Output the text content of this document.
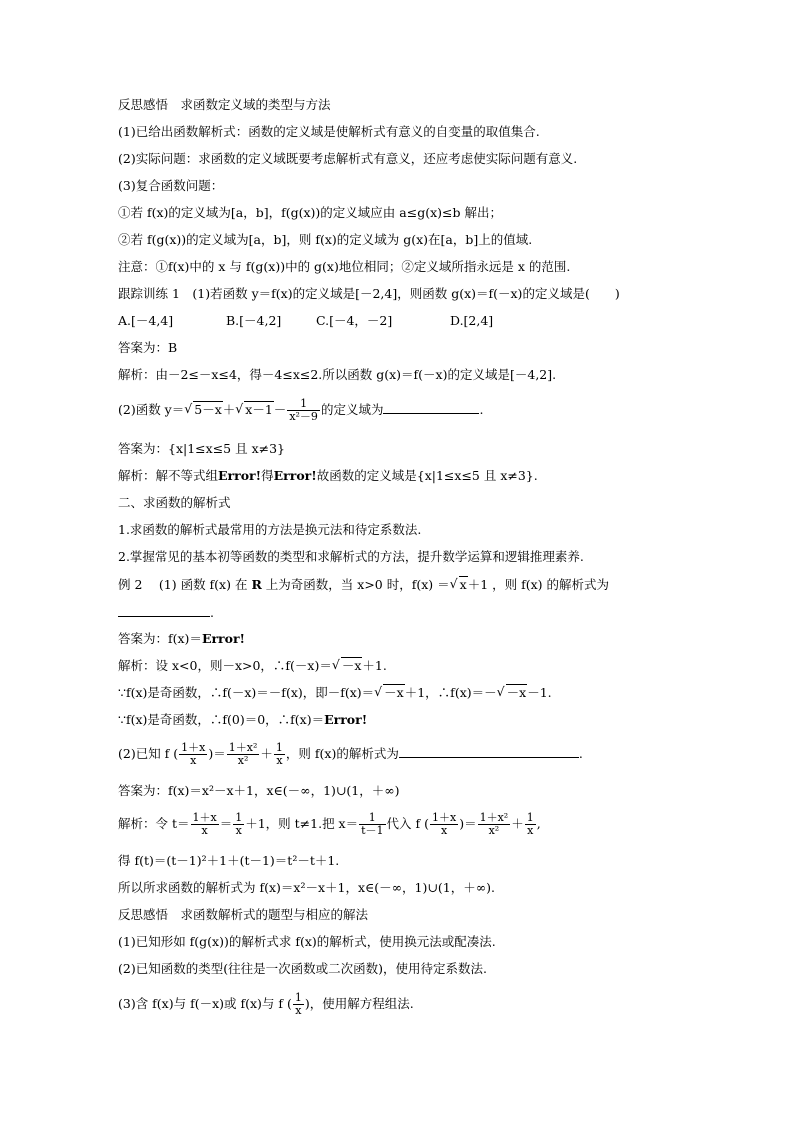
反思感悟　求函数定义域的类型与方法
(1)已给出函数解析式：函数的定义域是使解析式有意义的自变量的取值集合.
(2)实际问题：求函数的定义域既要考虑解析式有意义，还应考虑使实际问题有意义.
(3)复合函数问题：
①若 f(x)的定义域为[a，b]，f(g(x))的定义域应由 a≤g(x)≤b 解出；
②若 f(g(x))的定义域为[a，b]，则 f(x)的定义域为 g(x)在[a，b]上的值域.
注意：①f(x)中的 x 与 f(g(x))中的 g(x)地位相同；②定义域所指永远是 x 的范围.
跟踪训练 1　(1)若函数 y＝f(x)的定义域是[－2,4]，则函数 g(x)＝f(－x)的定义域是(　　)
A.[－4,4]	B.[－4,2]	C.[－4，－2]	D.[2,4]
答案为：B
解析：由－2≤－x≤4，得－4≤x≤2.所以函数 g(x)＝f(－x)的定义域是[－4,2].
(2)函数 y＝ √ 5－x＋ √ $x-1- \frac{1}{\text{x²－9}}$ 的定义域为	.
答案为：{x|1≤x≤5 且 x≠3}
解析：解不等式组Error!得Error!故函数的定义域是{x|1≤x≤5 且 x≠3}.
二、求函数的解析式
1.求函数的解析式最常用的方法是换元法和待定系数法.
2.掌握常见的基本初等函数的类型和求解析式的方法，提升数学运算和逻辑推理素养.
例 2　 (1) 函数 f(x) 在 R 上为奇函数，当 x>0 时，f(x) ＝ √ x＋1 ，则 f(x) 的解析式为
.
答案为：f(x)＝Error!
解析：设 x<0，则－x>0，∴f(－x)＝ √ －x＋1.
∵f(x)是奇函数，∴f(－x)＝－f(x)，即－f(x)＝ √ －x＋1，∴f(x)＝－ √ －x－1.
∵f(x)是奇函数，∴f(0)＝0，∴f(x)＝Error!
(2)已知 f ( $\frac{1+x}{x}$ )＝ $\frac{\text{1＋x²}}{\text{x²}} + \frac{1}{x}$ ，则 f(x)的解析式为	.
答案为：f(x)＝x²－x＋1，x∈(－∞，1)∪(1，＋∞)
解析：令 $t= \frac{1+x}{x} = \frac{1}{x} +1$，则 t≠1.把 $x= \frac{1}{t-1}$ 代入 f ( $\frac{1+x}{x}$ )＝ $\frac{\text{1＋x²}}{\text{x²}} + \frac{1}{x}$ ,
得 f(t)＝(t－1)²＋1＋(t－1)＝t²－t＋1.
所以所求函数的解析式为 f(x)＝x²－x＋1，x∈(－∞，1)∪(1，＋∞).
反思感悟　求函数解析式的题型与相应的解法
(1)已知形如 f(g(x))的解析式求 f(x)的解析式，使用换元法或配凑法.
(2)已知函数的类型(往往是一次函数或二次函数)，使用待定系数法.
(3)含 f(x)与 f(－x)或 f(x)与 f ( $\frac{1}{x}$ )，使用解方程组法.
